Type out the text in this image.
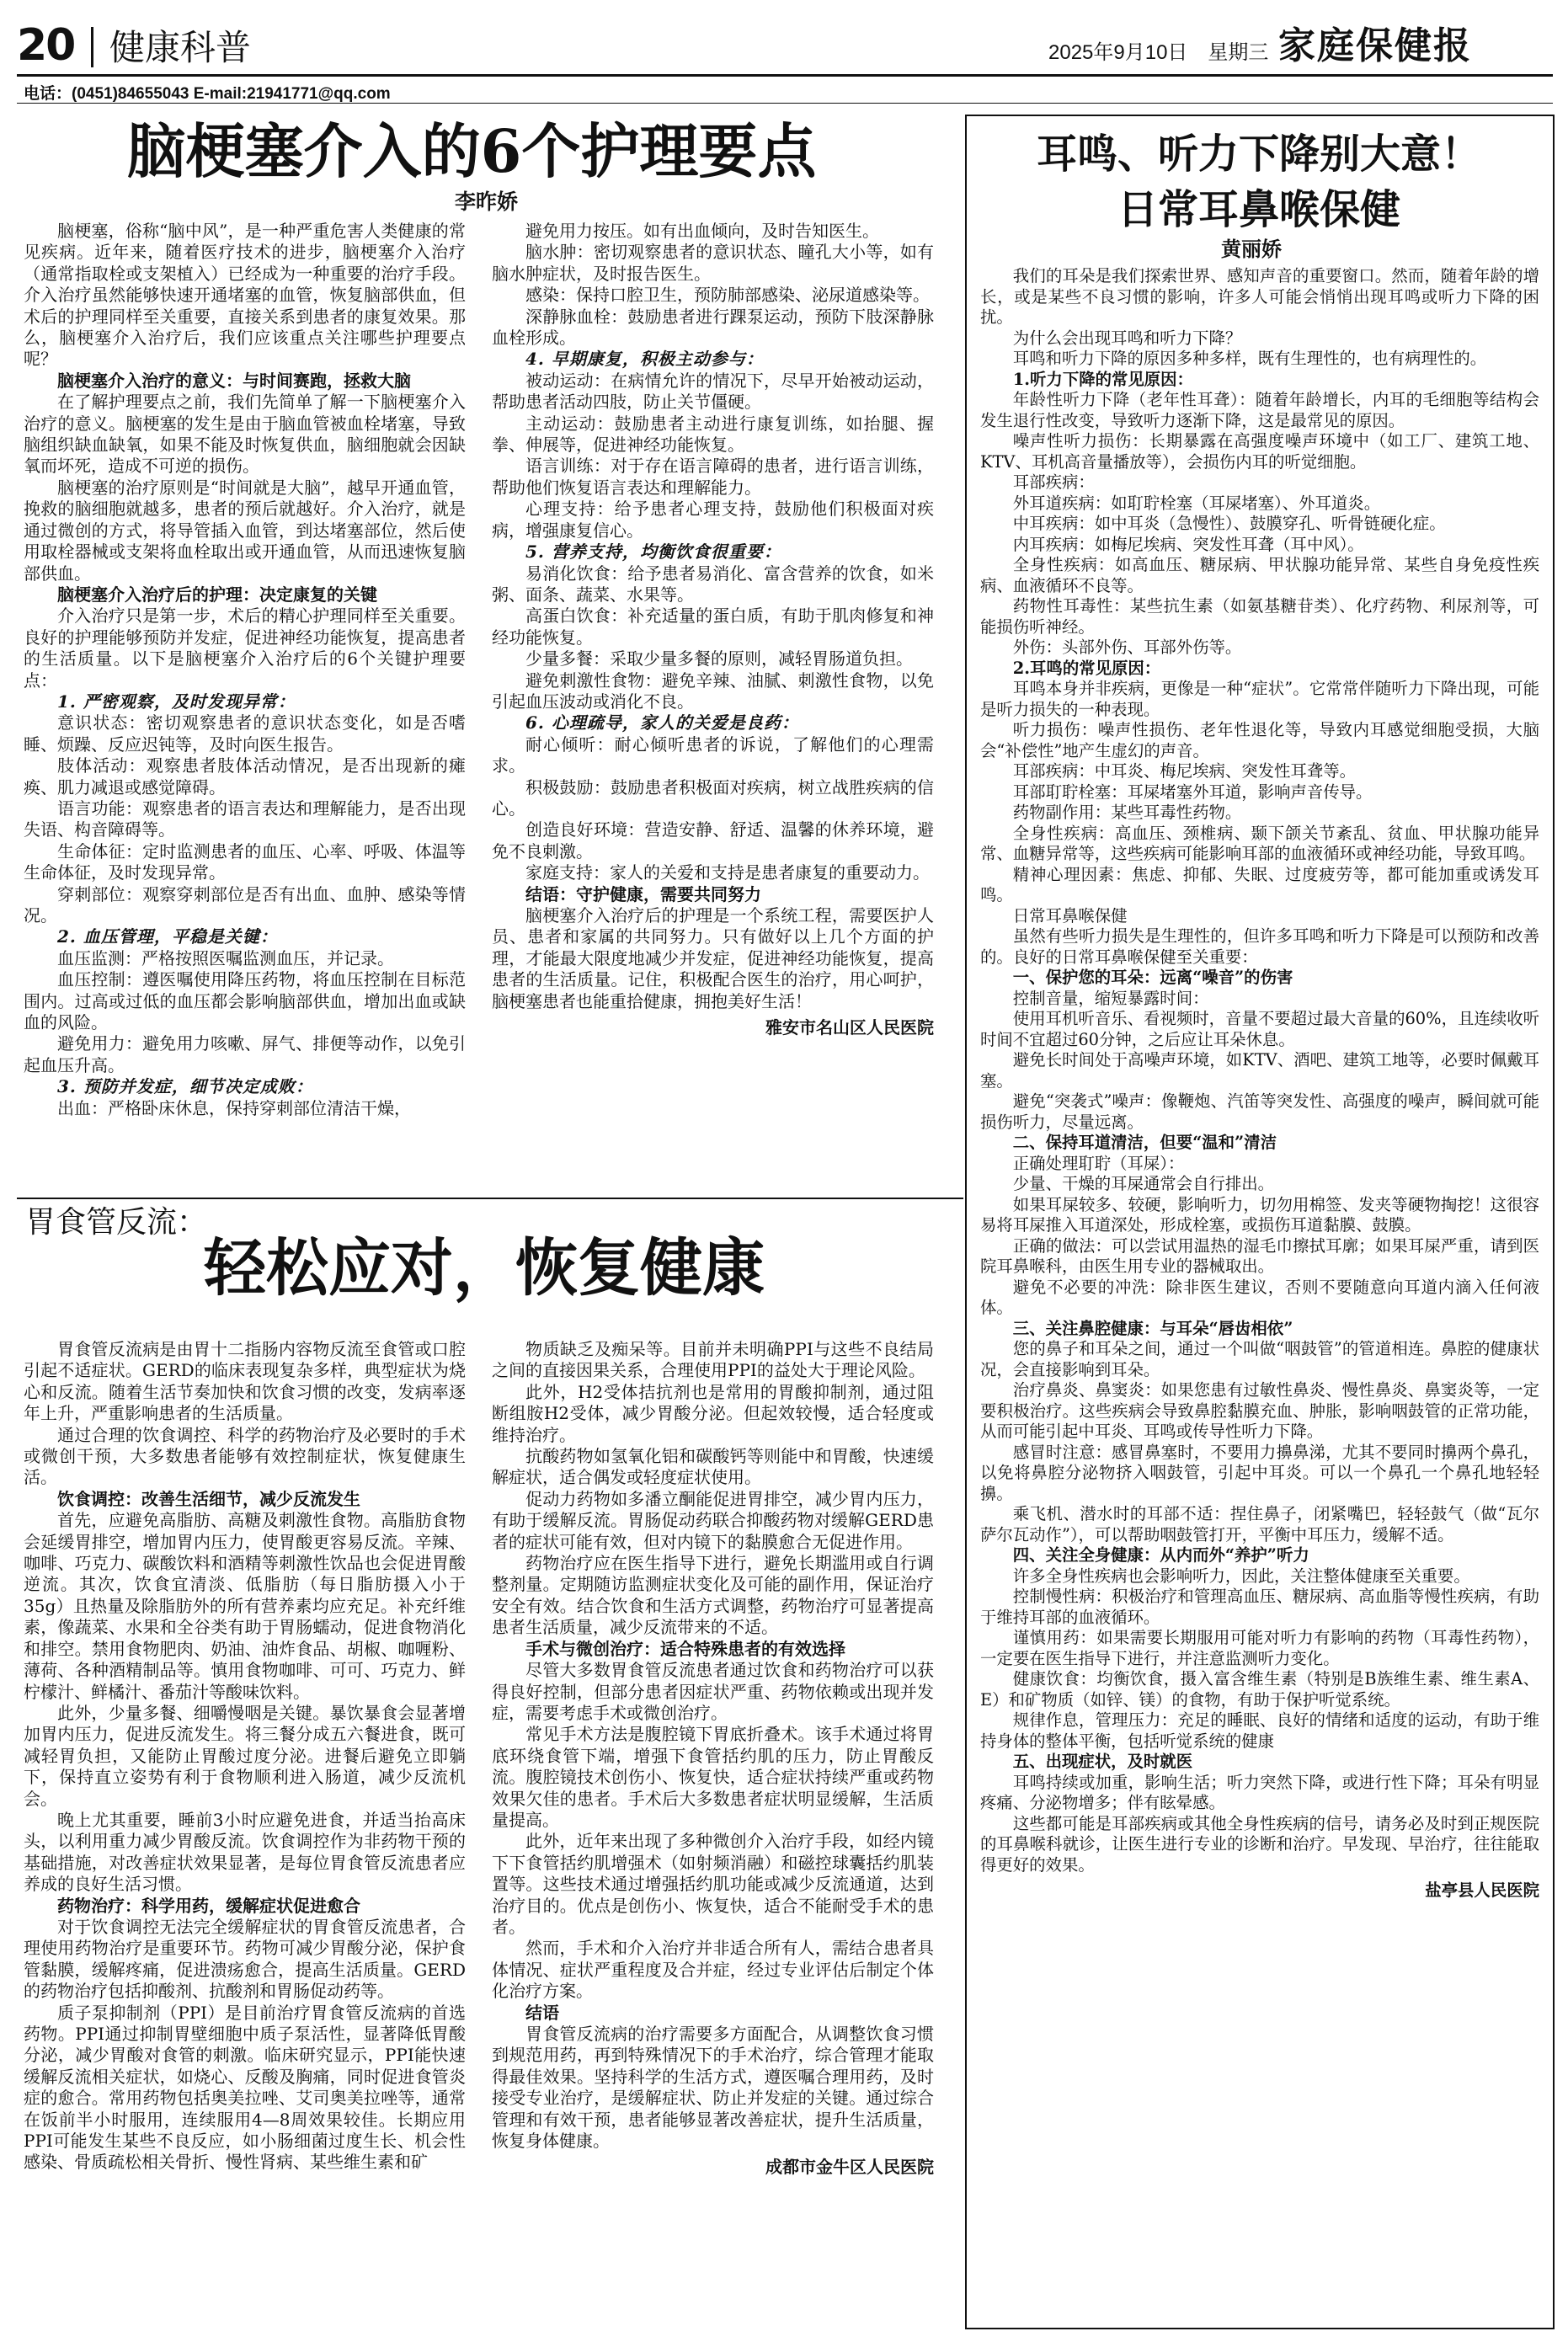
20 健康科普	2025年9月10日　星期三 家庭保健报
电话：(0451)84655043 E-mail:21941771@qq.com
脑梗塞介入的6个护理要点
李昨娇

脑梗塞，俗称“脑中风”，是一种严重危害人类健康的常见疾病。近年来，随着医疗技术的进步，脑梗塞介入治疗（通常指取栓或支架植入）已经成为一种重要的治疗手段。介入治疗虽然能够快速开通堵塞的血管，恢复脑部供血，但术后的护理同样至关重要，直接关系到患者的康复效果。那么，脑梗塞介入治疗后，我们应该重点关注哪些护理要点呢？

脑梗塞介入治疗的意义：与时间赛跑，拯救大脑

在了解护理要点之前，我们先简单了解一下脑梗塞介入治疗的意义。脑梗塞的发生是由于脑血管被血栓堵塞，导致脑组织缺血缺氧，如果不能及时恢复供血，脑细胞就会因缺氧而坏死，造成不可逆的损伤。

脑梗塞的治疗原则是“时间就是大脑”，越早开通血管，挽救的脑细胞就越多，患者的预后就越好。介入治疗，就是通过微创的方式，将导管插入血管，到达堵塞部位，然后使用取栓器械或支架将血栓取出或开通血管，从而迅速恢复脑部供血。

脑梗塞介入治疗后的护理：决定康复的关键

介入治疗只是第一步，术后的精心护理同样至关重要。良好的护理能够预防并发症，促进神经功能恢复，提高患者的生活质量。以下是脑梗塞介入治疗后的6个关键护理要点：

1. 严密观察，及时发现异常：

意识状态：密切观察患者的意识状态变化，如是否嗜睡、烦躁、反应迟钝等，及时向医生报告。

肢体活动：观察患者肢体活动情况，是否出现新的瘫痪、肌力减退或感觉障碍。

语言功能：观察患者的语言表达和理解能力，是否出现失语、构音障碍等。

生命体征：定时监测患者的血压、心率、呼吸、体温等生命体征，及时发现异常。

穿刺部位：观察穿刺部位是否有出血、血肿、感染等情况。

2. 血压管理，平稳是关键：

血压监测：严格按照医嘱监测血压，并记录。

血压控制：遵医嘱使用降压药物，将血压控制在目标范围内。过高或过低的血压都会影响脑部供血，增加出血或缺血的风险。

避免用力：避免用力咳嗽、屏气、排便等动作，以免引起血压升高。

3. 预防并发症，细节决定成败：

出血：严格卧床休息，保持穿刺部位清洁干燥，

避免用力按压。如有出血倾向，及时告知医生。

脑水肿：密切观察患者的意识状态、瞳孔大小等，如有脑水肿症状，及时报告医生。

感染：保持口腔卫生，预防肺部感染、泌尿道感染等。

深静脉血栓：鼓励患者进行踝泵运动，预防下肢深静脉血栓形成。

4. 早期康复，积极主动参与：

被动运动：在病情允许的情况下，尽早开始被动运动，帮助患者活动四肢，防止关节僵硬。

主动运动：鼓励患者主动进行康复训练，如抬腿、握拳、伸展等，促进神经功能恢复。

语言训练：对于存在语言障碍的患者，进行语言训练，帮助他们恢复语言表达和理解能力。

心理支持：给予患者心理支持，鼓励他们积极面对疾病，增强康复信心。

5. 营养支持，均衡饮食很重要：

易消化饮食：给予患者易消化、富含营养的饮食，如米粥、面条、蔬菜、水果等。

高蛋白饮食：补充适量的蛋白质，有助于肌肉修复和神经功能恢复。

少量多餐：采取少量多餐的原则，减轻胃肠道负担。

避免刺激性食物：避免辛辣、油腻、刺激性食物，以免引起血压波动或消化不良。

6. 心理疏导，家人的关爱是良药：

耐心倾听：耐心倾听患者的诉说，了解他们的心理需求。

积极鼓励：鼓励患者积极面对疾病，树立战胜疾病的信心。

创造良好环境：营造安静、舒适、温馨的休养环境，避免不良刺激。

家庭支持：家人的关爱和支持是患者康复的重要动力。

结语：守护健康，需要共同努力

脑梗塞介入治疗后的护理是一个系统工程，需要医护人员、患者和家属的共同努力。只有做好以上几个方面的护理，才能最大限度地减少并发症，促进神经功能恢复，提高患者的生活质量。记住，积极配合医生的治疗，用心呵护，脑梗塞患者也能重拾健康，拥抱美好生活！

雅安市名山区人民医院

胃食管反流：
轻松应对，恢复健康

胃食管反流病是由胃十二指肠内容物反流至食管或口腔引起不适症状。GERD的临床表现复杂多样，典型症状为烧心和反流。随着生活节奏加快和饮食习惯的改变，发病率逐年上升，严重影响患者的生活质量。

通过合理的饮食调控、科学的药物治疗及必要时的手术或微创干预，大多数患者能够有效控制症状，恢复健康生活。

饮食调控：改善生活细节，减少反流发生

首先，应避免高脂肪、高糖及刺激性食物。高脂肪食物会延缓胃排空，增加胃内压力，使胃酸更容易反流。辛辣、咖啡、巧克力、碳酸饮料和酒精等刺激性饮品也会促进胃酸逆流。其次，饮食宜清淡、低脂肪（每日脂肪摄入小于35g）且热量及除脂肪外的所有营养素均应充足。补充纤维素，像蔬菜、水果和全谷类有助于胃肠蠕动，促进食物消化和排空。禁用食物肥肉、奶油、油炸食品、胡椒、咖喱粉、薄荷、各种酒精制品等。慎用食物咖啡、可可、巧克力、鲜柠檬汁、鲜橘汁、番茄汁等酸味饮料。

此外，少量多餐、细嚼慢咽是关键。暴饮暴食会显著增加胃内压力，促进反流发生。将三餐分成五六餐进食，既可减轻胃负担，又能防止胃酸过度分泌。进餐后避免立即躺下，保持直立姿势有利于食物顺利进入肠道，减少反流机会。

晚上尤其重要，睡前3小时应避免进食，并适当抬高床头，以利用重力减少胃酸反流。饮食调控作为非药物干预的基础措施，对改善症状效果显著，是每位胃食管反流患者应养成的良好生活习惯。

药物治疗：科学用药，缓解症状促进愈合

对于饮食调控无法完全缓解症状的胃食管反流患者，合理使用药物治疗是重要环节。药物可减少胃酸分泌，保护食管黏膜，缓解疼痛，促进溃疡愈合，提高生活质量。GERD的药物治疗包括抑酸剂、抗酸剂和胃肠促动药等。

质子泵抑制剂（PPI）是目前治疗胃食管反流病的首选药物。PPI通过抑制胃壁细胞中质子泵活性，显著降低胃酸分泌，减少胃酸对食管的刺激。临床研究显示，PPI能快速缓解反流相关症状，如烧心、反酸及胸痛，同时促进食管炎症的愈合。常用药物包括奥美拉唑、艾司奥美拉唑等，通常在饭前半小时服用，连续服用4—8周效果较佳。长期应用PPI可能发生某些不良反应，如小肠细菌过度生长、机会性感染、骨质疏松相关骨折、慢性肾病、某些维生素和矿

物质缺乏及痴呆等。目前并未明确PPI与这些不良结局之间的直接因果关系，合理使用PPI的益处大于理论风险。

此外，H2受体拮抗剂也是常用的胃酸抑制剂，通过阻断组胺H2受体，减少胃酸分泌。但起效较慢，适合轻度或维持治疗。

抗酸药物如氢氧化铝和碳酸钙等则能中和胃酸，快速缓解症状，适合偶发或轻度症状使用。

促动力药物如多潘立酮能促进胃排空，减少胃内压力，有助于缓解反流。胃肠促动药联合抑酸药物对缓解GERD患者的症状可能有效，但对内镜下的黏膜愈合无促进作用。

药物治疗应在医生指导下进行，避免长期滥用或自行调整剂量。定期随访监测症状变化及可能的副作用，保证治疗安全有效。结合饮食和生活方式调整，药物治疗可显著提高患者生活质量，减少反流带来的不适。

手术与微创治疗：适合特殊患者的有效选择

尽管大多数胃食管反流患者通过饮食和药物治疗可以获得良好控制，但部分患者因症状严重、药物依赖或出现并发症，需要考虑手术或微创治疗。

常见手术方法是腹腔镜下胃底折叠术。该手术通过将胃底环绕食管下端，增强下食管括约肌的压力，防止胃酸反流。腹腔镜技术创伤小、恢复快，适合症状持续严重或药物效果欠佳的患者。手术后大多数患者症状明显缓解，生活质量提高。

此外，近年来出现了多种微创介入治疗手段，如经内镜下下食管括约肌增强术（如射频消融）和磁控球囊括约肌装置等。这些技术通过增强括约肌功能或减少反流通道，达到治疗目的。优点是创伤小、恢复快，适合不能耐受手术的患者。

然而，手术和介入治疗并非适合所有人，需结合患者具体情况、症状严重程度及合并症，经过专业评估后制定个体化治疗方案。

结语

胃食管反流病的治疗需要多方面配合，从调整饮食习惯到规范用药，再到特殊情况下的手术治疗，综合管理才能取得最佳效果。坚持科学的生活方式，遵医嘱合理用药，及时接受专业治疗，是缓解症状、防止并发症的关键。通过综合管理和有效干预，患者能够显著改善症状，提升生活质量，恢复身体健康。

成都市金牛区人民医院

耳鸣、听力下降别大意！
日常耳鼻喉保健
黄丽娇

我们的耳朵是我们探索世界、感知声音的重要窗口。然而，随着年龄的增长，或是某些不良习惯的影响，许多人可能会悄悄出现耳鸣或听力下降的困扰。

为什么会出现耳鸣和听力下降？

耳鸣和听力下降的原因多种多样，既有生理性的，也有病理性的。

1.听力下降的常见原因：

年龄性听力下降（老年性耳聋）：随着年龄增长，内耳的毛细胞等结构会发生退行性改变，导致听力逐渐下降，这是最常见的原因。

噪声性听力损伤：长期暴露在高强度噪声环境中（如工厂、建筑工地、KTV、耳机高音量播放等），会损伤内耳的听觉细胞。

耳部疾病：

外耳道疾病：如耵聍栓塞（耳屎堵塞）、外耳道炎。

中耳疾病：如中耳炎（急慢性）、鼓膜穿孔、听骨链硬化症。

内耳疾病：如梅尼埃病、突发性耳聋（耳中风）。

全身性疾病：如高血压、糖尿病、甲状腺功能异常、某些自身免疫性疾病、血液循环不良等。

药物性耳毒性：某些抗生素（如氨基糖苷类）、化疗药物、利尿剂等，可能损伤听神经。

外伤：头部外伤、耳部外伤等。

2.耳鸣的常见原因：

耳鸣本身并非疾病，更像是一种“症状”。它常常伴随听力下降出现，可能是听力损失的一种表现。

听力损伤：噪声性损伤、老年性退化等，导致内耳感觉细胞受损，大脑会“补偿性”地产生虚幻的声音。

耳部疾病：中耳炎、梅尼埃病、突发性耳聋等。

耳部耵聍栓塞：耳屎堵塞外耳道，影响声音传导。

药物副作用：某些耳毒性药物。

全身性疾病：高血压、颈椎病、颞下颌关节紊乱、贫血、甲状腺功能异常、血糖异常等，这些疾病可能影响耳部的血液循环或神经功能，导致耳鸣。

精神心理因素：焦虑、抑郁、失眠、过度疲劳等，都可能加重或诱发耳鸣。

日常耳鼻喉保健

虽然有些听力损失是生理性的，但许多耳鸣和听力下降是可以预防和改善的。良好的日常耳鼻喉保健至关重要：

一、保护您的耳朵：远离“噪音”的伤害

控制音量，缩短暴露时间：

使用耳机听音乐、看视频时，音量不要超过最大音量的60%，且连续收听时间不宜超过60分钟，之后应让耳朵休息。

避免长时间处于高噪声环境，如KTV、酒吧、建筑工地等，必要时佩戴耳塞。

避免“突袭式”噪声：像鞭炮、汽笛等突发性、高强度的噪声，瞬间就可能损伤听力，尽量远离。

二、保持耳道清洁，但要“温和”清洁

正确处理耵聍（耳屎）：

少量、干燥的耳屎通常会自行排出。

如果耳屎较多、较硬，影响听力，切勿用棉签、发夹等硬物掏挖！这很容易将耳屎推入耳道深处，形成栓塞，或损伤耳道黏膜、鼓膜。

正确的做法：可以尝试用温热的湿毛巾擦拭耳廓；如果耳屎严重，请到医院耳鼻喉科，由医生用专业的器械取出。

避免不必要的冲洗：除非医生建议，否则不要随意向耳道内滴入任何液体。

三、关注鼻腔健康：与耳朵“唇齿相依”

您的鼻子和耳朵之间，通过一个叫做“咽鼓管”的管道相连。鼻腔的健康状况，会直接影响到耳朵。

治疗鼻炎、鼻窦炎：如果您患有过敏性鼻炎、慢性鼻炎、鼻窦炎等，一定要积极治疗。这些疾病会导致鼻腔黏膜充血、肿胀，影响咽鼓管的正常功能，从而可能引起中耳炎、耳鸣或传导性听力下降。

感冒时注意：感冒鼻塞时，不要用力擤鼻涕，尤其不要同时擤两个鼻孔，以免将鼻腔分泌物挤入咽鼓管，引起中耳炎。可以一个鼻孔一个鼻孔地轻轻擤。

乘飞机、潜水时的耳部不适：捏住鼻子，闭紧嘴巴，轻轻鼓气（做“瓦尔萨尔瓦动作”），可以帮助咽鼓管打开，平衡中耳压力，缓解不适。

四、关注全身健康：从内而外“养护”听力

许多全身性疾病也会影响听力，因此，关注整体健康至关重要。

控制慢性病：积极治疗和管理高血压、糖尿病、高血脂等慢性疾病，有助于维持耳部的血液循环。

谨慎用药：如果需要长期服用可能对听力有影响的药物（耳毒性药物），一定要在医生指导下进行，并注意监测听力变化。

健康饮食：均衡饮食，摄入富含维生素（特别是B族维生素、维生素A、E）和矿物质（如锌、镁）的食物，有助于保护听觉系统。

规律作息，管理压力：充足的睡眠、良好的情绪和适度的运动，有助于维持身体的整体平衡，包括听觉系统的健康

五、出现症状，及时就医

耳鸣持续或加重，影响生活；听力突然下降，或进行性下降；耳朵有明显疼痛、分泌物增多；伴有眩晕感。

这些都可能是耳部疾病或其他全身性疾病的信号，请务必及时到正规医院的耳鼻喉科就诊，让医生进行专业的诊断和治疗。早发现、早治疗，往往能取得更好的效果。

盐亭县人民医院
